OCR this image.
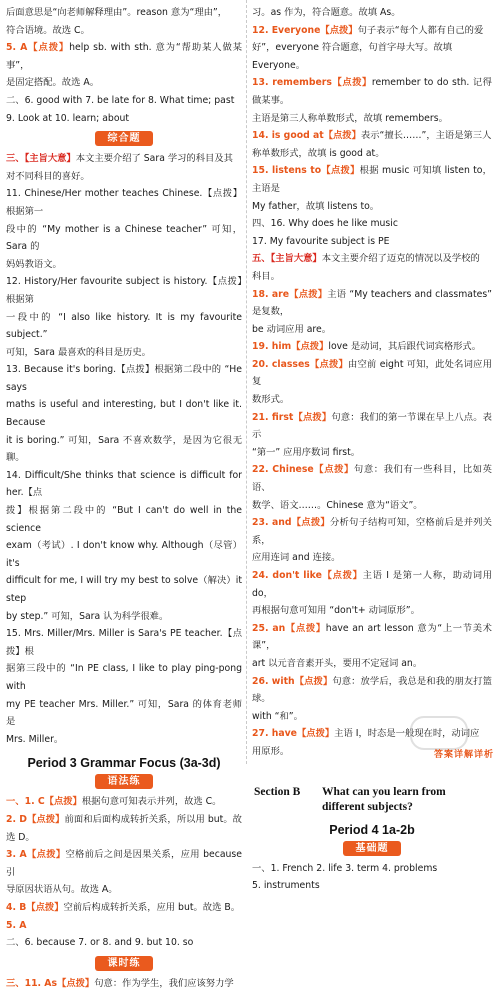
后面意思是“向老师解释理由”。reason 意为“理由”，

符合语境。故选 C。

5. A【点拨】help sb. with sth. 意为“帮助某人做某事”，

是固定搭配。故选 A。

二、6. good with 7. be late for 8. What time; past

9. Look at 10. learn; about

综合题

三、【主旨大意】本文主要介绍了 Sara 学习的科目及其

对不同科目的喜好。

11. Chinese/Her mother teaches Chinese.【点拨】根据第一

段中的 “My mother is a Chinese teacher” 可知，Sara 的

妈妈教语文。

12. History/Her favourite subject is history.【点拨】根据第

一段中的 “I also like history. It is my favourite subject.”

可知，Sara 最喜欢的科目是历史。

13. Because it's boring.【点拨】根据第二段中的 “He says

maths is useful and interesting, but I don't like it. Because

it is boring.” 可知，Sara 不喜欢数学，是因为它很无聊。

14. Difficult/She thinks that science is difficult for her.【点

拨】根据第二段中的 “But I can't do well in the science

exam（考试）. I don't know why. Although（尽管）it's

difficult for me, I will try my best to solve（解决）it step

by step.” 可知，Sara 认为科学很难。

15. Mrs. Miller/Mrs. Miller is Sara's PE teacher.【点拨】根

据第三段中的 “In PE class, I like to play ping-pong with

my PE teacher Mrs. Miller.” 可知，Sara 的体育老师是

Mrs. Miller。

Period 3 Grammar Focus (3a-3d)
语法练

一、1. C【点拨】根据句意可知表示并列，故选 C。

2. D【点拨】前面和后面构成转折关系，所以用 but。故选 D。

3. A【点拨】空格前后之间是因果关系，应用 because 引

导原因状语从句。故选 A。

4. B【点拨】空前后构成转折关系，应用 but。故选 B。

5. A

二、6. because 7. or 8. and 9. but 10. so

课时练

三、11. As【点拨】句意：作为学生，我们应该努力学

习。as 作为，符合题意。故填 As。

12. Everyone【点拨】句子表示“每个人都有自己的爱

好”，everyone 符合题意，句首字母大写。故填

Everyone。

13. remembers【点拨】remember to do sth. 记得做某事。

主语是第三人称单数形式，故填 remembers。

14. is good at【点拨】表示“擅长……”，主语是第三人

称单数形式，故填 is good at。

15. listens to【点拨】根据 music 可知填 listen to，主语是

My father，故填 listens to。

四、16. Why does he like music

17. My favourite subject is PE

五、【主旨大意】本文主要介绍了迈克的情况以及学校的

科目。

18. are【点拨】主语 “My teachers and classmates” 是复数，

be 动词应用 are。

19. him【点拨】love 是动词，其后跟代词宾格形式。

20. classes【点拨】由空前 eight 可知，此处名词应用复

数形式。

21. first【点拨】句意：我们的第一节课在早上八点。表示

“第一” 应用序数词 first。

22. Chinese【点拨】句意：我们有一些科目，比如英语、

数学、语文……。Chinese 意为“语文”。

23. and【点拨】分析句子结构可知，空格前后是并列关系，

应用连词 and 连接。

24. don't like【点拨】主语 I 是第一人称，助动词用 do，

再根据句意可知用 “don't+ 动词原形”。

25. an【点拨】have an art lesson 意为“上一节美术课”，

art 以元音音素开头，要用不定冠词 an。

26. with【点拨】句意：放学后，我总是和我的朋友打篮球。

with “和”。

27. have【点拨】主语 I，时态是一般现在时，动词应

用原形。

Section B	What can you learn from
different subjects?
Period 4 1a-2b
基础题

一、1. French 2. life 3. term 4. problems

5. instruments

答案详解详析
